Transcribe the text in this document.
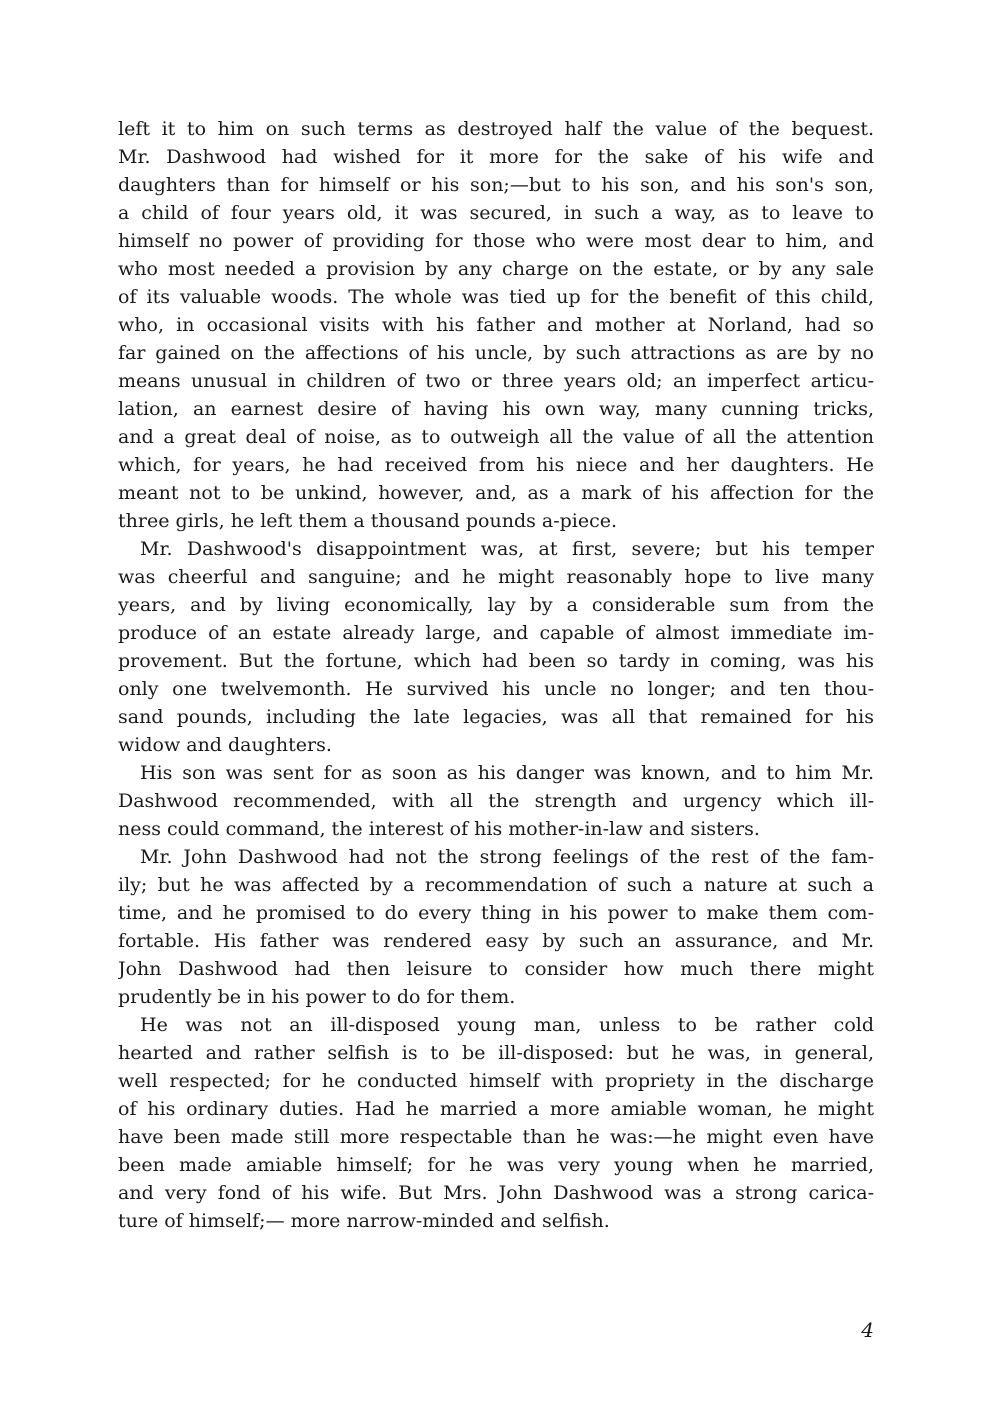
left it to him on such terms as destroyed half the value of the bequest.
Mr. Dashwood had wished for it more for the sake of his wife and
daughters than for himself or his son;—but to his son, and his son's son,
a child of four years old, it was secured, in such a way, as to leave to
himself no power of providing for those who were most dear to him, and
who most needed a provision by any charge on the estate, or by any sale
of its valuable woods. The whole was tied up for the benefit of this child,
who, in occasional visits with his father and mother at Norland, had so
far gained on the affections of his uncle, by such attractions as are by no
means unusual in children of two or three years old; an imperfect articu-
lation, an earnest desire of having his own way, many cunning tricks,
and a great deal of noise, as to outweigh all the value of all the attention
which, for years, he had received from his niece and her daughters. He
meant not to be unkind, however, and, as a mark of his affection for the
three girls, he left them a thousand pounds a-piece.
Mr. Dashwood's disappointment was, at first, severe; but his temper
was cheerful and sanguine; and he might reasonably hope to live many
years, and by living economically, lay by a considerable sum from the
produce of an estate already large, and capable of almost immediate im-
provement. But the fortune, which had been so tardy in coming, was his
only one twelvemonth. He survived his uncle no longer; and ten thou-
sand pounds, including the late legacies, was all that remained for his
widow and daughters.
His son was sent for as soon as his danger was known, and to him Mr.
Dashwood recommended, with all the strength and urgency which ill-
ness could command, the interest of his mother-in-law and sisters.
Mr. John Dashwood had not the strong feelings of the rest of the fam-
ily; but he was affected by a recommendation of such a nature at such a
time, and he promised to do every thing in his power to make them com-
fortable. His father was rendered easy by such an assurance, and Mr.
John Dashwood had then leisure to consider how much there might
prudently be in his power to do for them.
He was not an ill-disposed young man, unless to be rather cold
hearted and rather selfish is to be ill-disposed: but he was, in general,
well respected; for he conducted himself with propriety in the discharge
of his ordinary duties. Had he married a more amiable woman, he might
have been made still more respectable than he was:—he might even have
been made amiable himself; for he was very young when he married,
and very fond of his wife. But Mrs. John Dashwood was a strong carica-
ture of himself;— more narrow-minded and selfish.
4
